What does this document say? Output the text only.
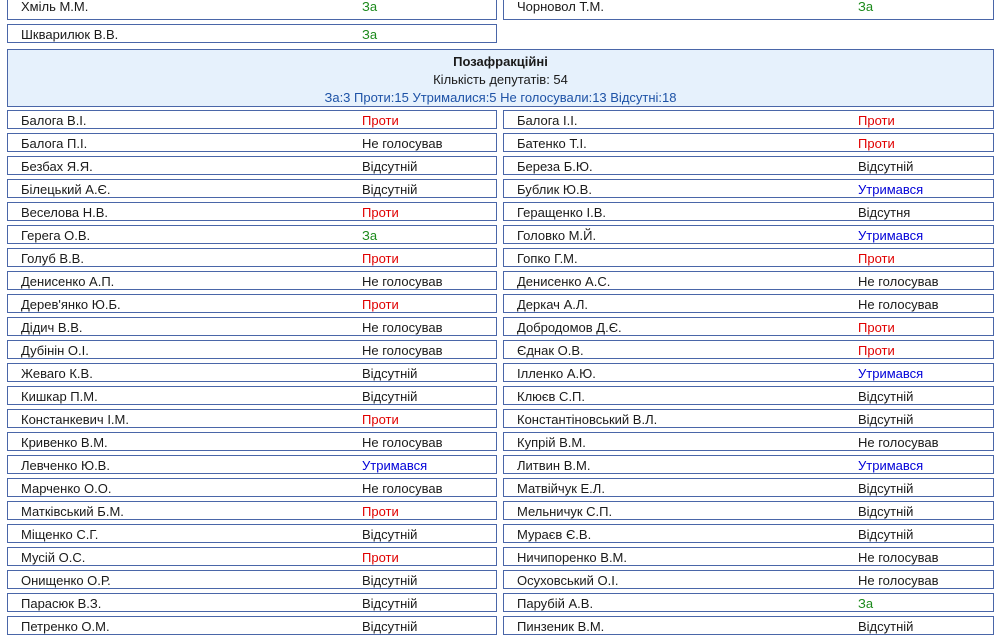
Хміль М.М.	За	Чорновол Т.М.	За
Шкварилюк В.В.	За
Позафракційні
Кількість депутатів: 54
За:3 Проти:15 Утрималися:5 Не голосували:13 Відсутні:18
Балога В.І.	Проти	Балога І.І.	Проти
Балога П.І.	Не голосував	Батенко Т.І.	Проти
Безбах Я.Я.	Відсутній	Береза Б.Ю.	Відсутній
Білецький А.Є.	Відсутній	Бублик Ю.В.	Утримався
Веселова Н.В.	Проти	Геращенко І.В.	Відсутня
Герега О.В.	За	Головко М.Й.	Утримався
Голуб В.В.	Проти	Гопко Г.М.	Проти
Денисенко А.П.	Не голосував	Денисенко А.С.	Не голосував
Дерев'янко Ю.Б.	Проти	Деркач А.Л.	Не голосував
Дідич В.В.	Не голосував	Добродомов Д.Є.	Проти
Дубінін О.І.	Не голосував	Єднак О.В.	Проти
Жеваго К.В.	Відсутній	Ілленко А.Ю.	Утримався
Кишкар П.М.	Відсутній	Клюєв С.П.	Відсутній
Констанкевич І.М.	Проти	Константіновський В.Л.	Відсутній
Кривенко В.М.	Не голосував	Купрій В.М.	Не голосував
Левченко Ю.В.	Утримався	Литвин В.М.	Утримався
Марченко О.О.	Не голосував	Матвійчук Е.Л.	Відсутній
Матківський Б.М.	Проти	Мельничук С.П.	Відсутній
Міщенко С.Г.	Відсутній	Мураєв Є.В.	Відсутній
Мусій О.С.	Проти	Ничипоренко В.М.	Не голосував
Онищенко О.Р.	Відсутній	Осуховський О.І.	Не голосував
Парасюк В.З.	Відсутній	Парубій А.В.	За
Петренко О.М.	Відсутній	Пинзеник В.М.	Відсутній
